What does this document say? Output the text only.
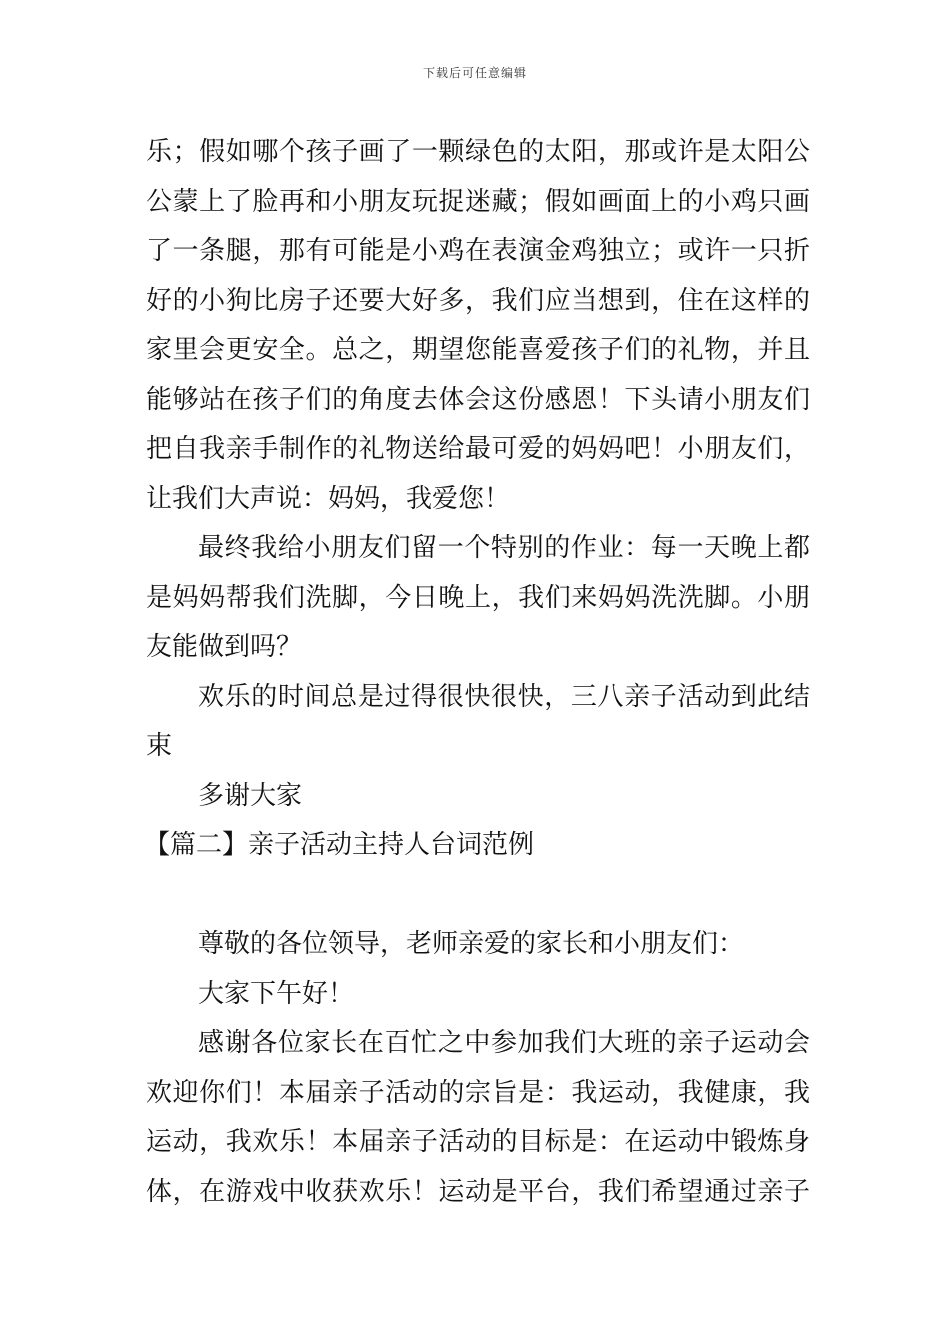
下载后可任意编辑
乐；假如哪个孩子画了一颗绿色的太阳，那或许是太阳公
公蒙上了脸再和小朋友玩捉迷藏；假如画面上的小鸡只画
了一条腿，那有可能是小鸡在表演金鸡独立；或许一只折
好的小狗比房子还要大好多，我们应当想到，住在这样的
家里会更安全。总之，期望您能喜爱孩子们的礼物，并且
能够站在孩子们的角度去体会这份感恩！下头请小朋友们
把自我亲手制作的礼物送给最可爱的妈妈吧！小朋友们，
让我们大声说：妈妈，我爱您！
最终我给小朋友们留一个特别的作业：每一天晚上都
是妈妈帮我们洗脚，今日晚上，我们来妈妈洗洗脚。小朋
友能做到吗？
欢乐的时间总是过得很快很快，三八亲子活动到此结
束
多谢大家
【篇二】亲子活动主持人台词范例
尊敬的各位领导，老师亲爱的家长和小朋友们：
大家下午好！
感谢各位家长在百忙之中参加我们大班的亲子运动会
欢迎你们！本届亲子活动的宗旨是：我运动，我健康，我
运动，我欢乐！本届亲子活动的目标是：在运动中锻炼身
体，在游戏中收获欢乐！运动是平台，我们希望通过亲子
